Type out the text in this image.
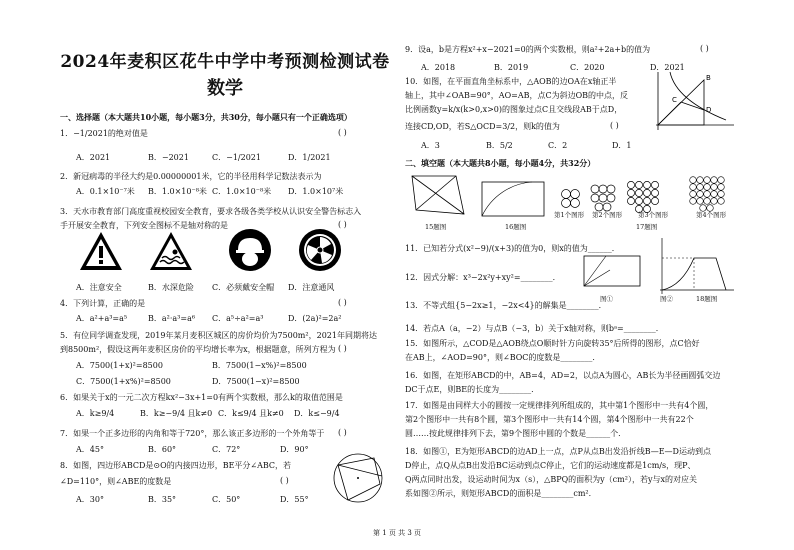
2024年麦积区花牛中学中考预测检测试卷
数学
一、选择题（本大题共10小题，每小题3分，共30分，每小题只有一个正确选项）
1．−1/2021的绝对值是	( )
A．2021	B．−2021	C．−1/2021	D．1/2021
2．新冠病毒的半径大约是0.00000001米，它的半径用科学记数法表示为
A．0.1×10⁻⁷米 B．1.0×10⁻⁸米 C．1.0×10⁻⁸米 D．1.0×10⁷米
3．天水市教育部门高度重视校园安全教育，要求各级各类学校从认识安全警告标志入
手开展安全教育，下列安全图标不是轴对称的是	( )
A．注意安全	B．水深危险 C．必须戴安全帽 D．注意通风
4．下列计算，正确的是	( )
A．a²+a³=a⁵	B．a²·a³=a⁶ C．a⁵÷a²=a³	D．(2a)²=2a²
5．有位同学调查发现，2019年某月麦积区城区的房价均价为7500m²，2021年同期将达
到8500m²，假设这两年麦积区房价的平均增长率为x，根据题意，所列方程为 ( )
A．7500(1+x)²=8500	B．7500(1−x%)²=8500
C．7500(1+x%)²=8500	D．7500(1−x)²=8500
6．如果关于x的一元二次方程kx²−3x+1=0有两个实数根，那么k的取值范围是
A．k≥9/4	B．k≥−9/4 且k≠0 C．k≤9/4 且k≠0 D．k≤−9/4
7．如果一个正多边形的内角和等于720°，那么该正多边形的一个外角等于 ( )
A．45°	B．60°	C．72°	D．90°
8．如图，四边形ABCD是⊙O的内接四边形，BE平分∠ABC，若
∠D=110°，则∠ABE的度数是	( )
A．30°	B．35°	C．50°	D．55°
9．设a，b是方程x²+x−2021=0的两个实数根，则a²+2a+b的值为	( )
A．2018	B．2019	C．2020	D．2021
10．如图，在平面直角坐标系中，△AOB的边OA在x轴正半
轴上，其中∠OAB=90°，AO=AB，点C为斜边OB的中点，反
比例函数y=k/x(k>0,x>0)的图象过点C且交线段AB于点D，
连接CD,OD，若S△OCD=3/2，则k的值为	( )
A．3	B．5/2	C．2	D．1
C
D
B
二、填空题（本大题共8小题，每小题4分，共32分）
15题图	16题图
第1个图形 第2个图形 第3个图形	第4个图形
17题图
11．已知若分式(x²−9)/(x+3)的值为0，则x的值为______．
12．因式分解：x³−2x²y+xy²=________．
13．不等式组{5−2x≥1，−2x<4}的解集是________．
图①	图②	18题图
14．若点A（a，−2）与点B（−3，b）关于x轴对称，则bᵃ=________．
15．如图所示，△COD是△AOB绕点O顺时针方向旋转35°后所得的图形，点C恰好
在AB上，∠AOD=90°，则∠BOC的度数是________．
16．如图，在矩形ABCD的中，AB=4，AD=2，以点A为圆心，AB长为半径画圆弧交边
DC于点E，则BE的长度为________．
17．如图是由同样大小的圆按一定规律排列所组成的，其中第1个图形中一共有4个圆，
第2个图形中一共有8个圆，第3个图形中一共有14个圆，第4个图形中一共有22个
圆……按此规律排列下去，第9个图形中圆的个数是______个．
18．如图①，E为矩形ABCD的边AD上一点，点P从点B出发沿折线B—E—D运动到点
D停止，点Q从点B出发沿BC运动到点C停止，它们的运动速度都是1cm/s，现P、
Q两点同时出发，设运动时间为x（s），△BPQ的面积为y（cm²），若y与x的对应关
系如图②所示，则矩形ABCD的面积是________cm²．
第 1 页 共 3 页
